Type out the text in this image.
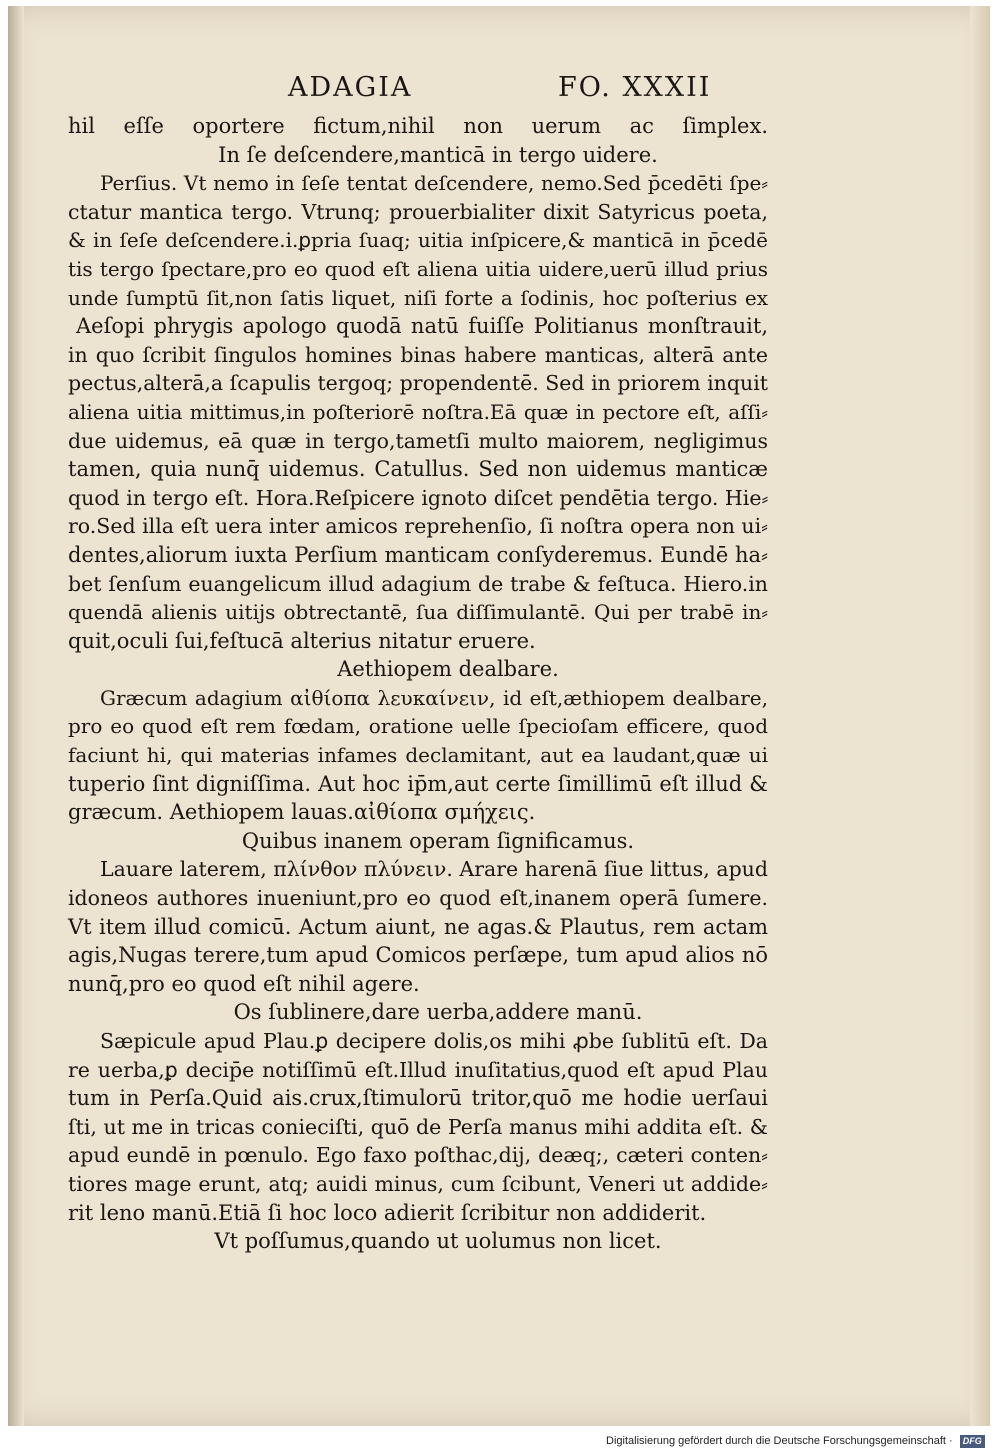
ADAGIA	FO. XXXII
hil eſſe oportere fictum,nihil non uerum ac ſimplex.
In ſe deſcendere,manticā in tergo uidere.
Perſius. Vt nemo in ſeſe tentat deſcendere, nemo.Sed p̄cedēti ſpe⸗
ctatur mantica tergo. Vtrunq; prouerbialiter dixit Satyricus poeta,
& in ſeſe deſcendere.i.ꝑpria ſuaq; uitia inſpicere,& manticā in p̄cedē
tis tergo ſpectare,pro eo quod eſt aliena uitia uidere,uerū illud prius
unde ſumptū ſit,non ſatis liquet, niſi forte a ſodinis, hoc poſterius ex
Aeſopi phrygis apologo quodā natū fuiſſe Politianus monſtrauit,
in quo ſcribit ſingulos homines binas habere manticas, alterā ante
pectus,alterā,a ſcapulis tergoq; propendentē. Sed in priorem inquit
aliena uitia mittimus,in poſteriorē noſtra.Eā quæ in pectore eſt, aſſi⸗
due uidemus, eā quæ in tergo,tametſi multo maiorem, negligimus
tamen, quia nunq̄ uidemus. Catullus. Sed non uidemus manticæ
quod in tergo eſt. Hora.Reſpicere ignoto diſcet pendētia tergo. Hie⸗
ro.Sed illa eſt uera inter amicos reprehenſio, ſi noſtra opera non ui⸗
dentes,aliorum iuxta Perſium manticam conſyderemus. Eundē ha⸗
bet ſenſum euangelicum illud adagium de trabe & feſtuca. Hiero.in
quendā alienis uitijs obtrectantē, ſua diſſimulantē. Qui per trabē in⸗
quit,oculi ſui,feſtucā alterius nitatur eruere.
Aethiopem dealbare.
Græcum adagium αἰθίοπα λευκαίνειν, id eſt,æthiopem dealbare,
pro eo quod eſt rem fœdam, oratione uelle ſpecioſam efficere, quod
faciunt hi, qui materias infames declamitant, aut ea laudant,quæ ui
tuperio ſint digniſſima. Aut hoc ip̄m,aut certe ſimillimū eſt illud &
græcum. Aethiopem lauas.αἰθίοπα σμήχεις.
Quibus inanem operam ſignificamus.
Lauare laterem, πλίνθον πλύνειν. Arare harenā ſiue littus, apud
idoneos authores inueniunt,pro eo quod eſt,inanem operā ſumere.
Vt item illud comicū. Actum aiunt, ne agas.& Plautus, rem actam
agis,Nugas terere,tum apud Comicos perſæpe, tum apud alios nō
nunq̄,pro eo quod eſt nihil agere.
Os ſublinere,dare uerba,addere manū.
Sæpicule apud Plau.ꝑ decipere dolis,os mihi ꝓbe ſublitū eſt. Da
re uerba,ꝑ decip̄e notiſſimū eſt.Illud inuſitatius,quod eſt apud Plau
tum in Perſa.Quid ais.crux,ſtimulorū tritor,quō me hodie uerſaui
ſti, ut me in tricas conieciſti, quō de Perſa manus mihi addita eſt. &
apud eundē in pœnulo. Ego faxo poſthac,dij, deæq;, cæteri conten⸗
tiores mage erunt, atq; auidi minus, cum ſcibunt, Veneri ut addide⸗
rit leno manū.Etiā ſi hoc loco adierit ſcribitur non addiderit.
Vt poſſumus,quando ut uolumus non licet.
Digitalisierung gefördert durch die Deutsche Forschungsgemeinschaft · DFG
